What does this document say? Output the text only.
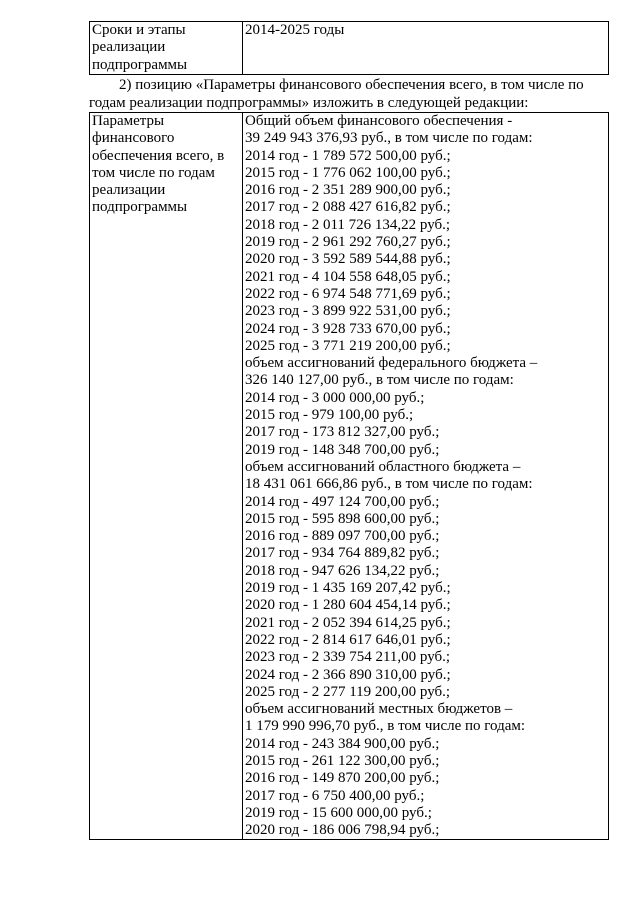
Сроки и этапы
реализации
подпрограммы

2014-2025 годы
2) позицию «Параметры финансового обеспечения всего, в том числе по
годам реализации подпрограммы» изложить в следующей редакции:
Параметры
финансового
обеспечения всего, в
том числе по годам
реализации
подпрограммы

Общий объем финансового обеспечения -
39 249 943 376,93 руб., в том числе по годам:
2014 год - 1 789 572 500,00 руб.;
2015 год - 1 776 062 100,00 руб.;
2016 год - 2 351 289 900,00 руб.;
2017 год - 2 088 427 616,82 руб.;
2018 год - 2 011 726 134,22 руб.;
2019 год - 2 961 292 760,27 руб.;
2020 год - 3 592 589 544,88 руб.;
2021 год - 4 104 558 648,05 руб.;
2022 год - 6 974 548 771,69 руб.;
2023 год - 3 899 922 531,00 руб.;
2024 год - 3 928 733 670,00 руб.;
2025 год - 3 771 219 200,00 руб.;
объем ассигнований федерального бюджета –
326 140 127,00 руб., в том числе по годам:
2014 год - 3 000 000,00 руб.;
2015 год - 979 100,00 руб.;
2017 год - 173 812 327,00 руб.;
2019 год - 148 348 700,00 руб.;
объем ассигнований областного бюджета –
18 431 061 666,86 руб., в том числе по годам:
2014 год - 497 124 700,00 руб.;
2015 год - 595 898 600,00 руб.;
2016 год - 889 097 700,00 руб.;
2017 год - 934 764 889,82 руб.;
2018 год - 947 626 134,22 руб.;
2019 год - 1 435 169 207,42 руб.;
2020 год - 1 280 604 454,14 руб.;
2021 год - 2 052 394 614,25 руб.;
2022 год - 2 814 617 646,01 руб.;
2023 год - 2 339 754 211,00 руб.;
2024 год - 2 366 890 310,00 руб.;
2025 год - 2 277 119 200,00 руб.;
объем ассигнований местных бюджетов –
1 179 990 996,70 руб., в том числе по годам:
2014 год - 243 384 900,00 руб.;
2015 год - 261 122 300,00 руб.;
2016 год - 149 870 200,00 руб.;
2017 год - 6 750 400,00 руб.;
2019 год - 15 600 000,00 руб.;
2020 год - 186 006 798,94 руб.;
